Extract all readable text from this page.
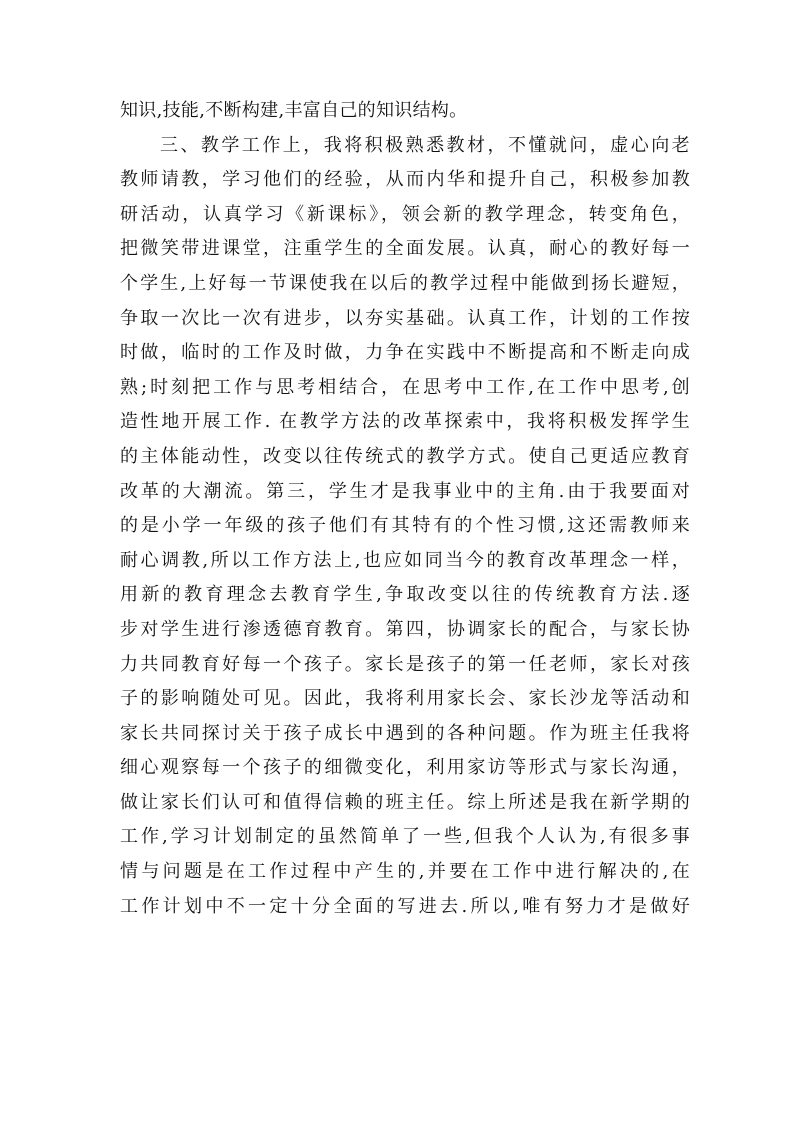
知识,技能,不断构建,丰富自己的知识结构。
三、教学工作上，我将积极熟悉教材，不懂就问，虚心向老
教师请教，学习他们的经验，从而内华和提升自己，积极参加教
研活动，认真学习《新课标》，领会新的教学理念，转变角色，
把微笑带进课堂，注重学生的全面发展。认真，耐心的教好每一
个学生,上好每一节课使我在以后的教学过程中能做到扬长避短，
争取一次比一次有进步，以夯实基础。认真工作，计划的工作按
时做，临时的工作及时做，力争在实践中不断提高和不断走向成
熟;时刻把工作与思考相结合，在思考中工作,在工作中思考,创
造性地开展工作. 在教学方法的改革探索中，我将积极发挥学生
的主体能动性，改变以往传统式的教学方式。使自己更适应教育
改革的大潮流。第三，学生才是我事业中的主角.由于我要面对
的是小学一年级的孩子他们有其特有的个性习惯,这还需教师来
耐心调教,所以工作方法上,也应如同当今的教育改革理念一样，
用新的教育理念去教育学生,争取改变以往的传统教育方法.逐
步对学生进行渗透德育教育。第四，协调家长的配合，与家长协
力共同教育好每一个孩子。家长是孩子的第一任老师，家长对孩
子的影响随处可见。因此，我将利用家长会、家长沙龙等活动和
家长共同探讨关于孩子成长中遇到的各种问题。作为班主任我将
细心观察每一个孩子的细微变化，利用家访等形式与家长沟通，
做让家长们认可和值得信赖的班主任。综上所述是我在新学期的
工作,学习计划制定的虽然简单了一些,但我个人认为,有很多事
情与问题是在工作过程中产生的,并要在工作中进行解决的,在
工作计划中不一定十分全面的写进去.所以,唯有努力才是做好
